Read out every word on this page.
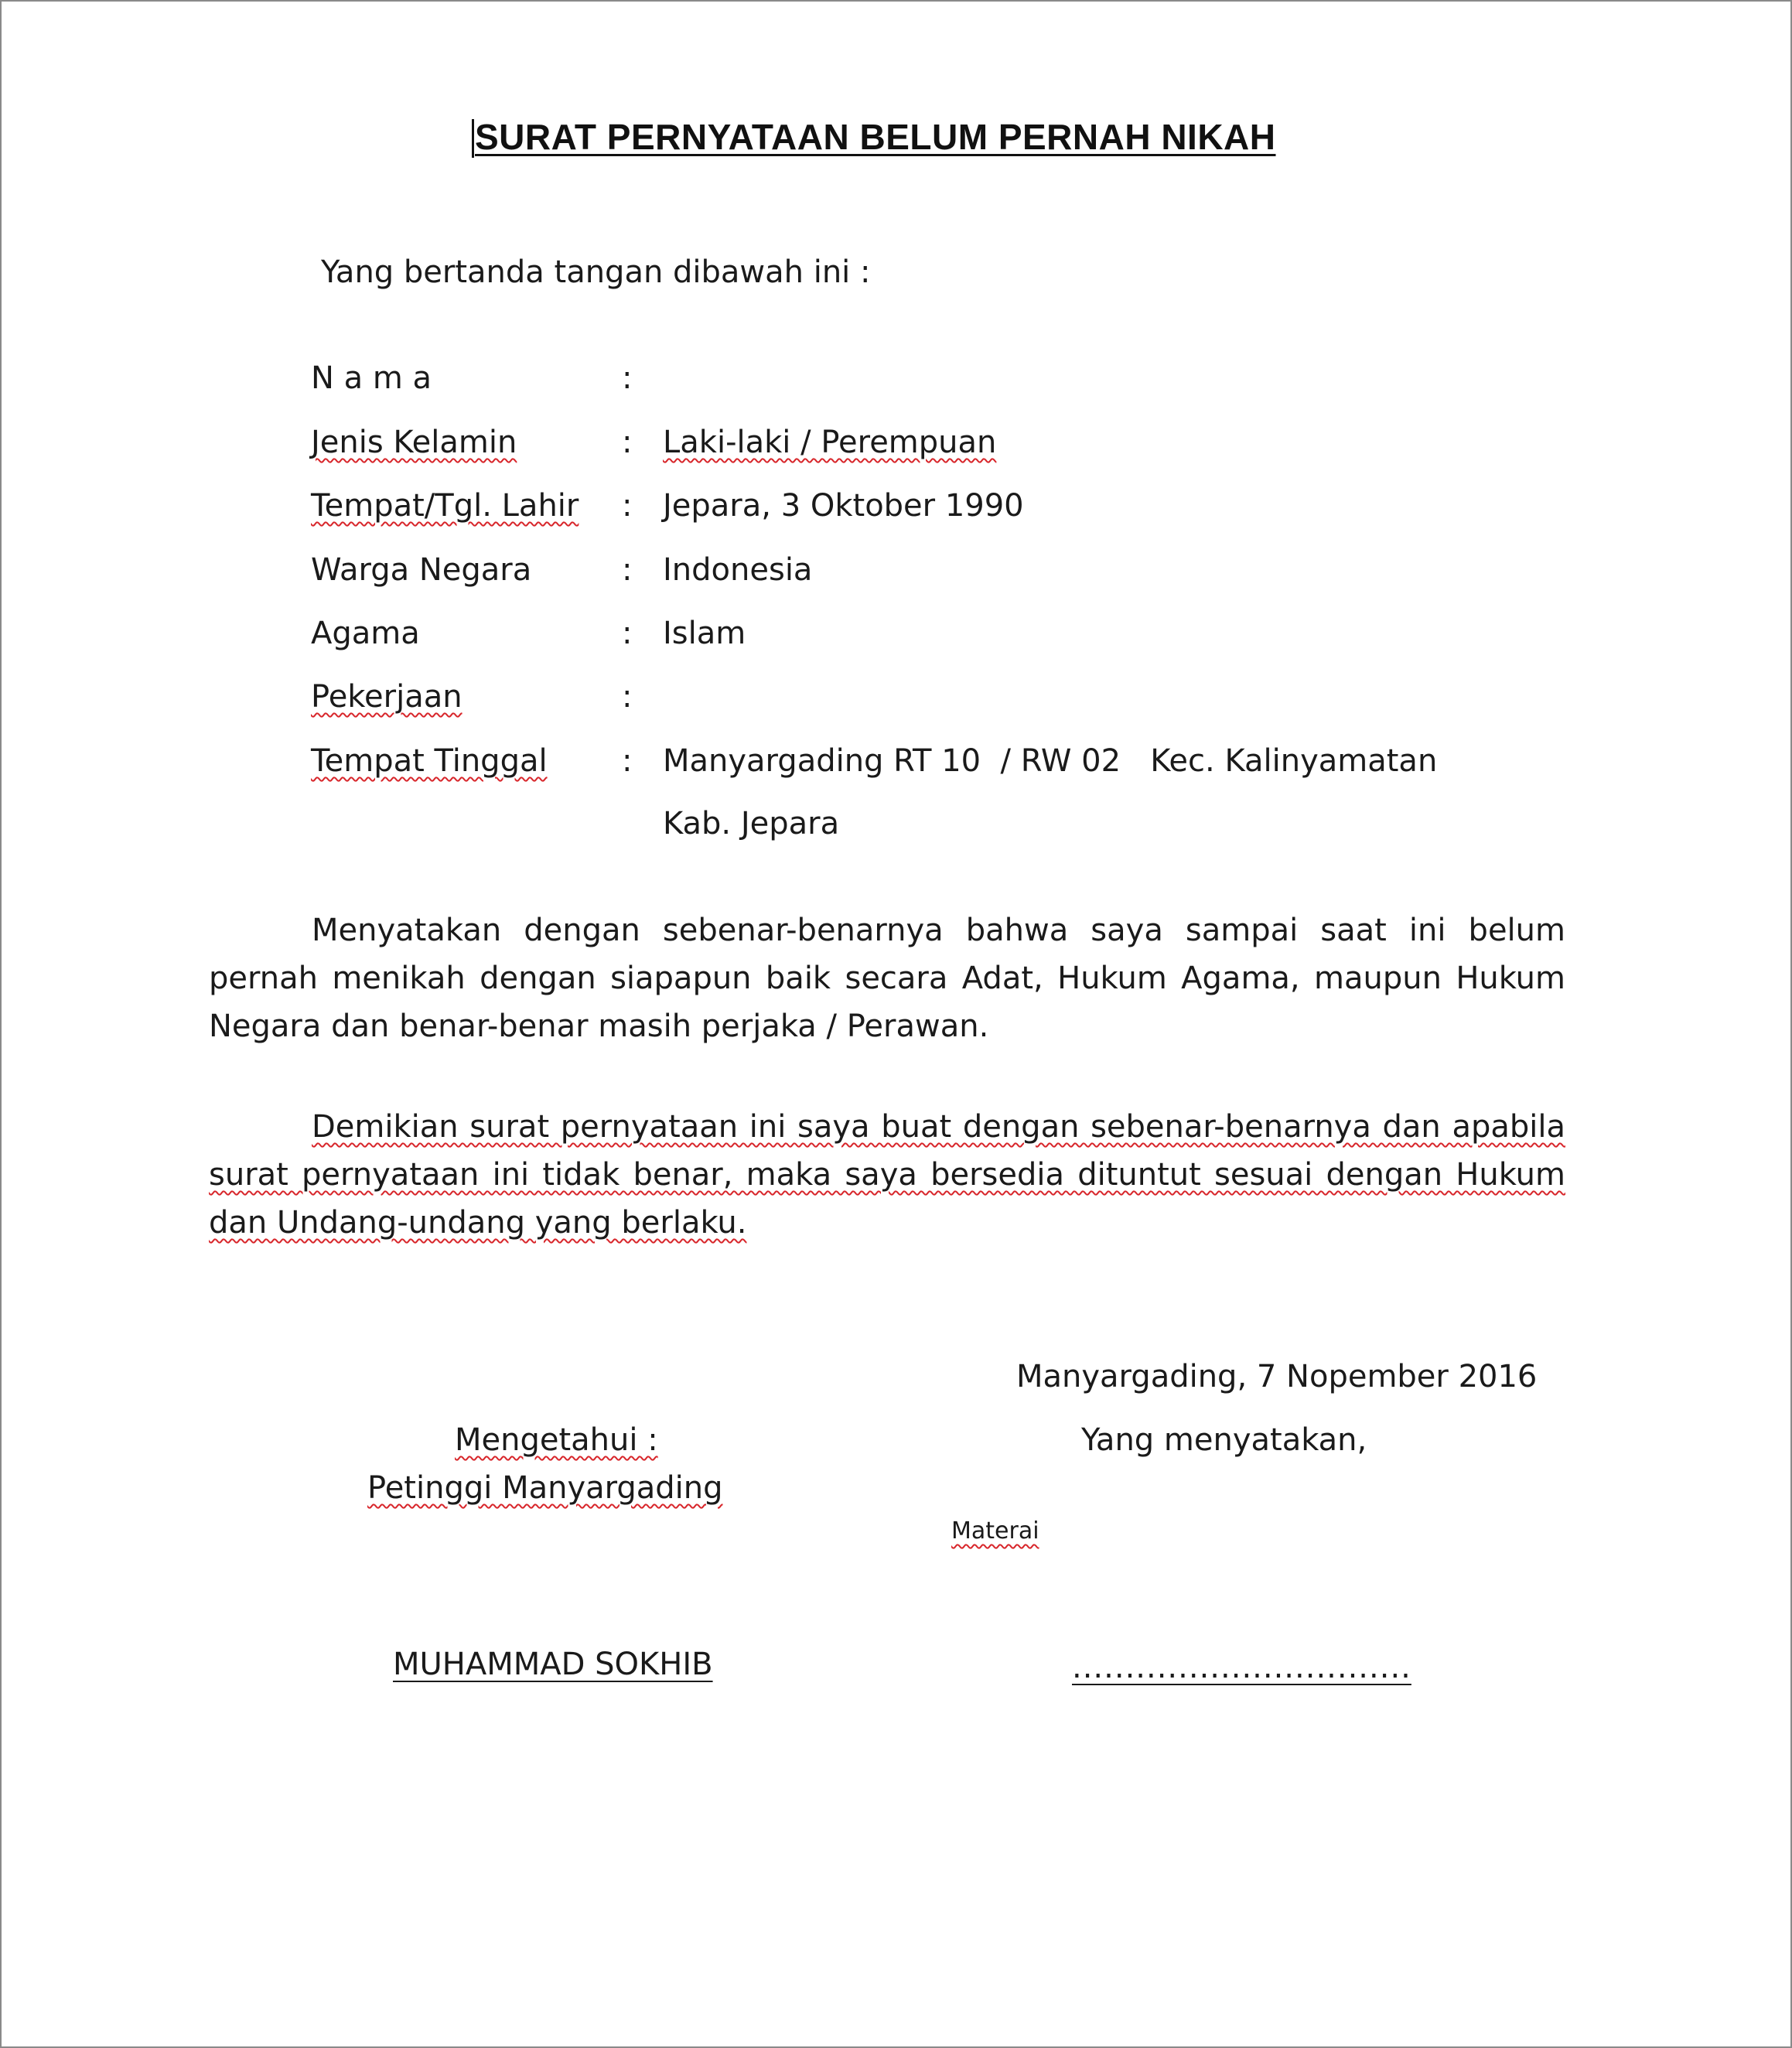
SURAT PERNYATAAN BELUM PERNAH NIKAH
Yang bertanda tangan dibawah ini :
N a m a	:
Jenis Kelamin	: Laki-laki / Perempuan
Tempat/Tgl. Lahir : Jepara, 3 Oktober 1990
Warga Negara	: Indonesia
Agama	: Islam
Pekerjaan	:
Tempat Tinggal : Manyargading RT 10  / RW 02   Kec. Kalinyamatan
Kab. Jepara
Menyatakan dengan sebenar-benarnya bahwa saya sampai saat ini belum pernah menikah dengan siapapun baik secara Adat, Hukum Agama, maupun Hukum Negara dan benar-benar masih perjaka / Perawan.
Demikian surat pernyataan ini saya buat dengan sebenar-benarnya dan apabila surat pernyataan ini tidak benar, maka saya bersedia dituntut sesuai dengan Hukum dan Undang-undang yang berlaku.
Manyargading, 7 Nopember 2016
Mengetahui :
Petinggi Manyargading
Yang menyatakan,
Materai
MUHAMMAD SOKHIB	................................
